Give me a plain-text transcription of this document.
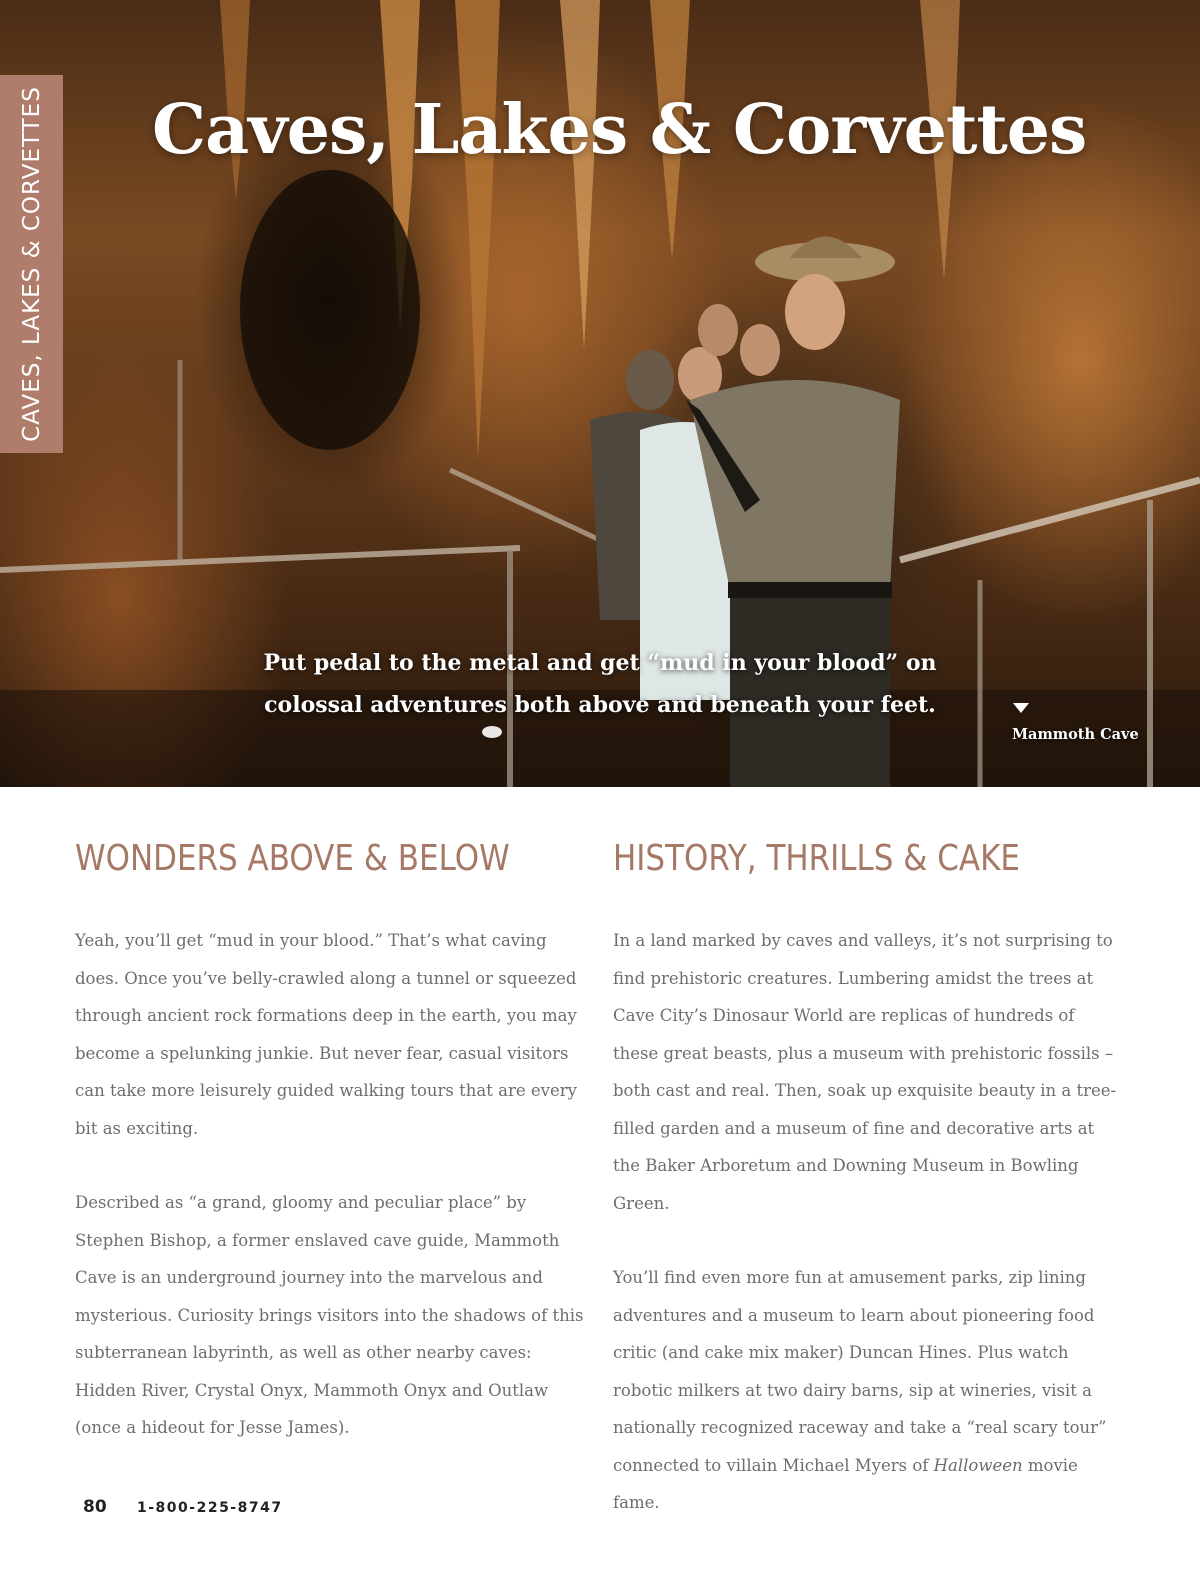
CAVES, LAKES & CORVETTES Caves, Lakes & Corvettes

Put pedal to the metal and get “mud in your blood” on colossal adventures both above and beneath your feet.

Mammoth Cave

WONDERS ABOVE & BELOW

Yeah, you’ll get “mud in your blood.” That’s what caving does. Once you’ve belly-crawled along a tunnel or squeezed through ancient rock formations deep in the earth, you may become a spelunking junkie. But never fear, casual visitors can take more leisurely guided walking tours that are every bit as exciting.

Described as “a grand, gloomy and peculiar place” by Stephen Bishop, a former enslaved cave guide, Mammoth Cave is an underground journey into the marvelous and mysterious. Curiosity brings visitors into the shadows of this subterranean labyrinth, as well as other nearby caves: Hidden River, Crystal Onyx, Mammoth Onyx and Outlaw (once a hideout for Jesse James).

HISTORY, THRILLS & CAKE

In a land marked by caves and valleys, it’s not surprising to find prehistoric creatures. Lumbering amidst the trees at Cave City’s Dinosaur World are replicas of hundreds of these great beasts, plus a museum with prehistoric fossils – both cast and real. Then, soak up exquisite beauty in a tree-filled garden and a museum of fine and decorative arts at the Baker Arboretum and Downing Museum in Bowling Green.

You’ll find even more fun at amusement parks, zip lining adventures and a museum to learn about pioneering food critic (and cake mix maker) Duncan Hines. Plus watch robotic milkers at two dairy barns, sip at wineries, visit a nationally recognized raceway and take a “real scary tour” connected to villain Michael Myers of Halloween movie fame.

80 1-800-225-8747
